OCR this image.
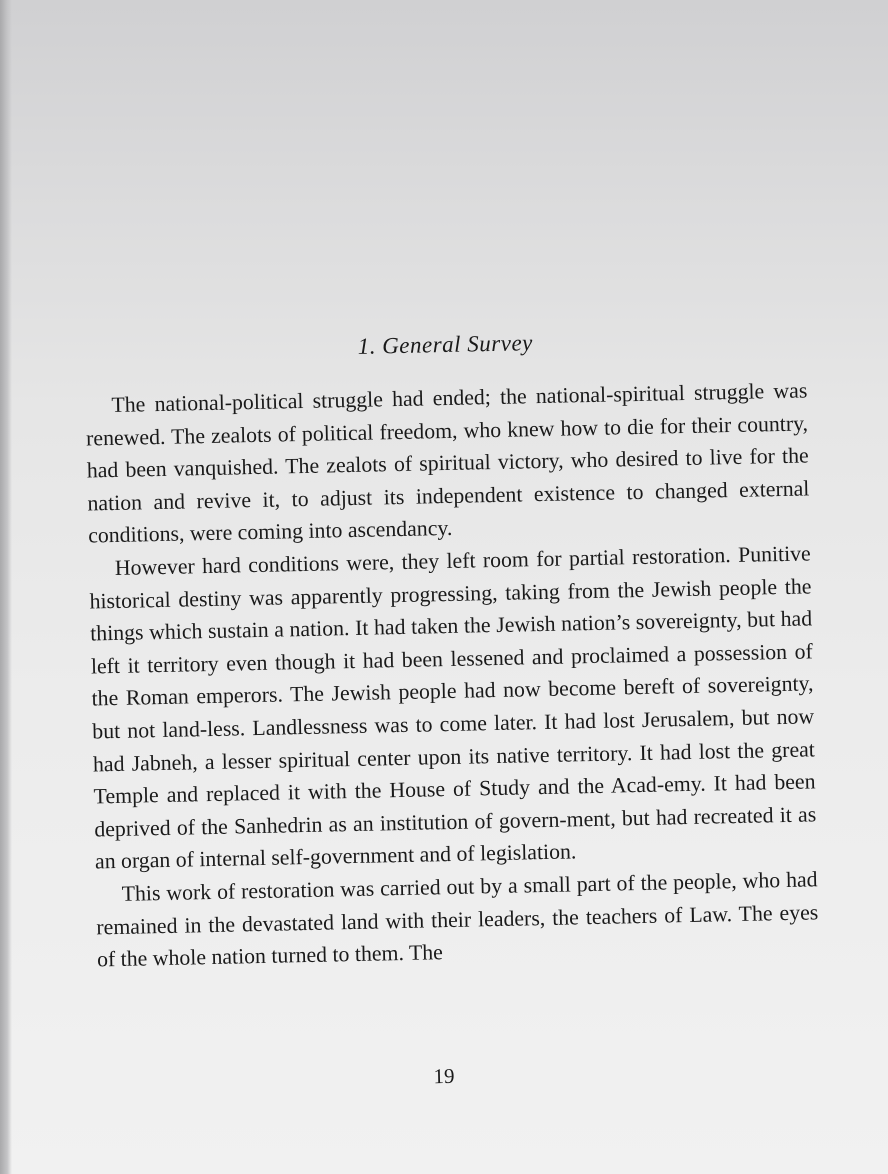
1. General Survey

The national-political struggle had ended; the national-spiritual struggle was renewed. The zealots of political freedom, who knew how to die for their country, had been vanquished. The zealots of spiritual victory, who desired to live for the nation and revive it, to adjust its independent existence to changed external conditions, were coming into ascendancy.

However hard conditions were, they left room for partial restoration. Punitive historical destiny was apparently progressing, taking from the Jewish people the things which sustain a nation. It had taken the Jewish nation’s sovereignty, but had left it territory even though it had been lessened and proclaimed a possession of the Roman emperors. The Jewish people had now become bereft of sovereignty, but not land-less. Landlessness was to come later. It had lost Jerusalem, but now had Jabneh, a lesser spiritual center upon its native territory. It had lost the great Temple and replaced it with the House of Study and the Acad-emy. It had been deprived of the Sanhedrin as an institution of govern-ment, but had recreated it as an organ of internal self-government and of legislation.

This work of restoration was carried out by a small part of the people, who had remained in the devastated land with their leaders, the teachers of Law. The eyes of the whole nation turned to them. The

19
